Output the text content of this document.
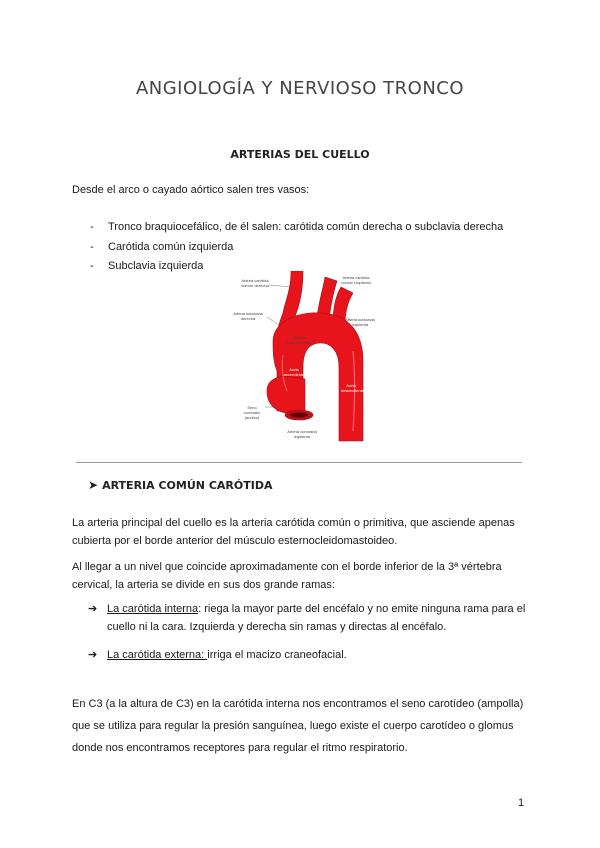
ANGIOLOGÍA Y NERVIOSO TRONCO
ARTERIAS DEL CUELLO

Desde el arco o cayado aórtico salen tres vasos:

- Tronco braquiocefálico, de él salen: carótida común derecha o subclavia derecha
- Carótida común izquierda
- Subclavia izquierda
Arteria carótida común derecha
Arteria carótida común izquierda
Arteria subclavia derecha	Arteria subclavia izquierda
Tronco braquiocefálico
Arco aórtico
Aorta ascendente
Aorta descendente
Seno coronario (aórtico)
Arteria coronaria izquierda
➤ ARTERIA COMÚN CARÓTIDA

La arteria principal del cuello es la arteria carótida común o primitiva, que asciende apenas cubierta por el borde anterior del músculo esternocleidomastoideo.

Al llegar a un nivel que coincide aproximadamente con el borde inferior de la 3ª vértebra cervical, la arteria se divide en sus dos grande ramas:

➔ La carótida interna: riega la mayor parte del encéfalo y no emite ninguna rama para el cuello ni la cara. Izquierda y derecha sin ramas y directas al encéfalo.
➔ La carótida externa: irriga el macizo craneofacial.

En C3 (a la altura de C3) en la carótida interna nos encontramos el seno carotídeo (ampolla) que se utiliza para regular la presión sanguínea, luego existe el cuerpo carotídeo o glomus donde nos encontramos receptores para regular el ritmo respiratorio.

1
